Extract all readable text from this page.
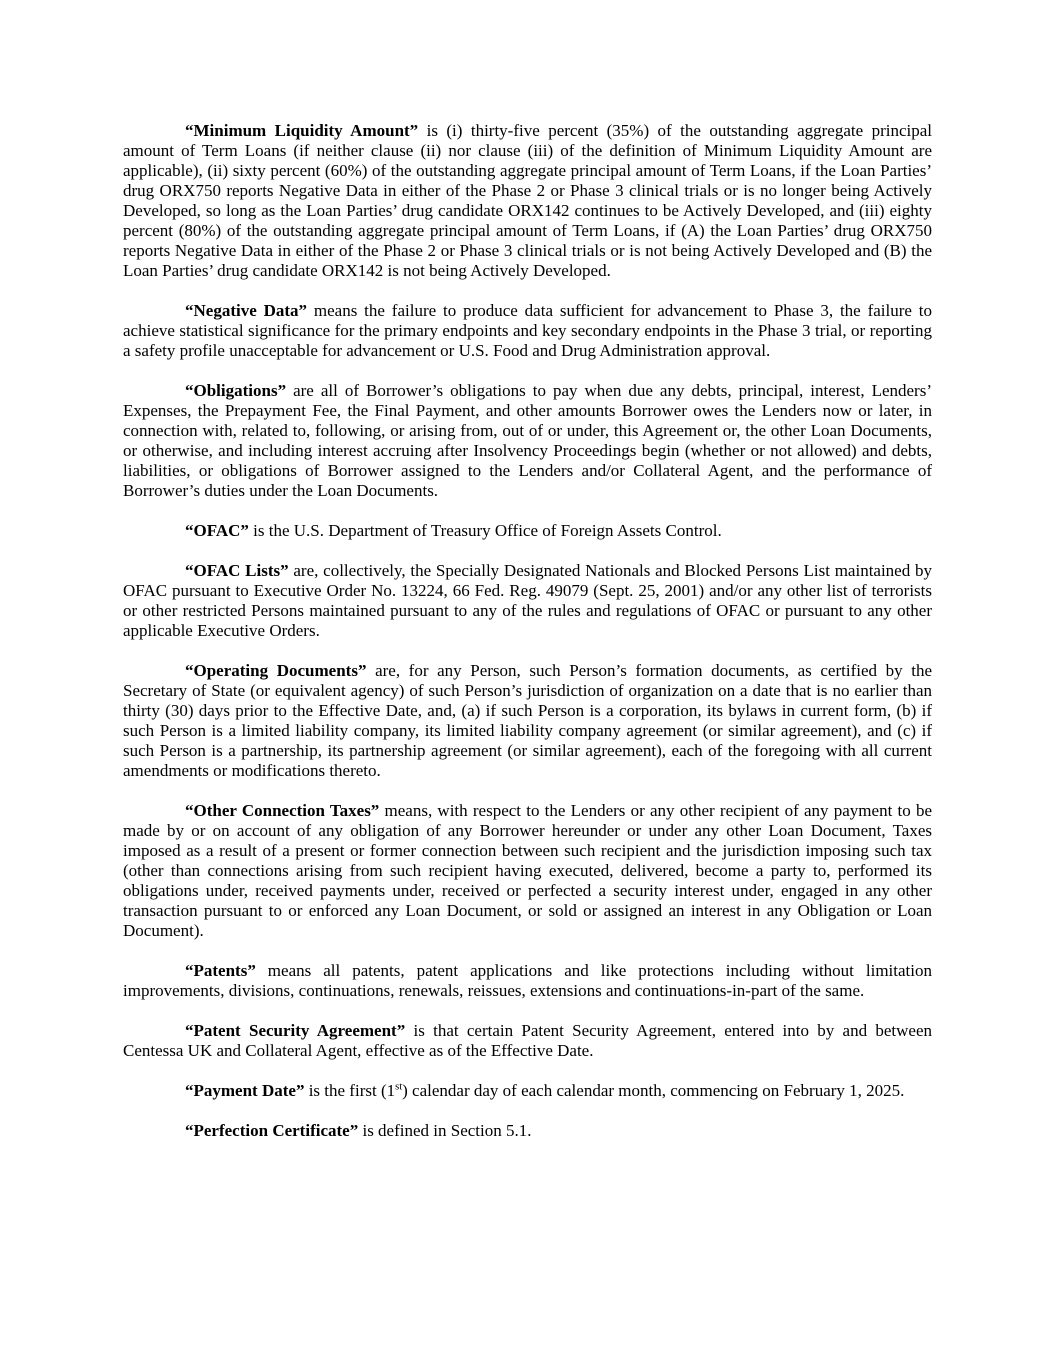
“Minimum Liquidity Amount” is (i) thirty-five percent (35%) of the outstanding aggregate principal amount of Term Loans (if neither clause (ii) nor clause (iii) of the definition of Minimum Liquidity Amount are applicable), (ii) sixty percent (60%) of the outstanding aggregate principal amount of Term Loans, if the Loan Parties’ drug ORX750 reports Negative Data in either of the Phase 2 or Phase 3 clinical trials or is no longer being Actively Developed, so long as the Loan Parties’ drug candidate ORX142 continues to be Actively Developed, and (iii) eighty percent (80%) of the outstanding aggregate principal amount of Term Loans, if (A) the Loan Parties’ drug ORX750 reports Negative Data in either of the Phase 2 or Phase 3 clinical trials or is not being Actively Developed and (B) the Loan Parties’ drug candidate ORX142 is not being Actively Developed.

“Negative Data” means the failure to produce data sufficient for advancement to Phase 3, the failure to achieve statistical significance for the primary endpoints and key secondary endpoints in the Phase 3 trial, or reporting a safety profile unacceptable for advancement or U.S. Food and Drug Administration approval.

“Obligations” are all of Borrower’s obligations to pay when due any debts, principal, interest, Lenders’ Expenses, the Prepayment Fee, the Final Payment, and other amounts Borrower owes the Lenders now or later, in connection with, related to, following, or arising from, out of or under, this Agreement or, the other Loan Documents, or otherwise, and including interest accruing after Insolvency Proceedings begin (whether or not allowed) and debts, liabilities, or obligations of Borrower assigned to the Lenders and/or Collateral Agent, and the performance of Borrower’s duties under the Loan Documents.

“OFAC” is the U.S. Department of Treasury Office of Foreign Assets Control.

“OFAC Lists” are, collectively, the Specially Designated Nationals and Blocked Persons List maintained by OFAC pursuant to Executive Order No. 13224, 66 Fed. Reg. 49079 (Sept. 25, 2001) and/or any other list of terrorists or other restricted Persons maintained pursuant to any of the rules and regulations of OFAC or pursuant to any other applicable Executive Orders.

“Operating Documents” are, for any Person, such Person’s formation documents, as certified by the Secretary of State (or equivalent agency) of such Person’s jurisdiction of organization on a date that is no earlier than thirty (30) days prior to the Effective Date, and, (a) if such Person is a corporation, its bylaws in current form, (b) if such Person is a limited liability company, its limited liability company agreement (or similar agreement), and (c) if such Person is a partnership, its partnership agreement (or similar agreement), each of the foregoing with all current amendments or modifications thereto.

“Other Connection Taxes” means, with respect to the Lenders or any other recipient of any payment to be made by or on account of any obligation of any Borrower hereunder or under any other Loan Document, Taxes imposed as a result of a present or former connection between such recipient and the jurisdiction imposing such tax (other than connections arising from such recipient having executed, delivered, become a party to, performed its obligations under, received payments under, received or perfected a security interest under, engaged in any other transaction pursuant to or enforced any Loan Document, or sold or assigned an interest in any Obligation or Loan Document).

“Patents” means all patents, patent applications and like protections including without limitation improvements, divisions, continuations, renewals, reissues, extensions and continuations-in-part of the same.

“Patent Security Agreement” is that certain Patent Security Agreement, entered into by and between Centessa UK and Collateral Agent, effective as of the Effective Date.

“Payment Date” is the first (1st) calendar day of each calendar month, commencing on February 1, 2025.

“Perfection Certificate” is defined in Section 5.1.
